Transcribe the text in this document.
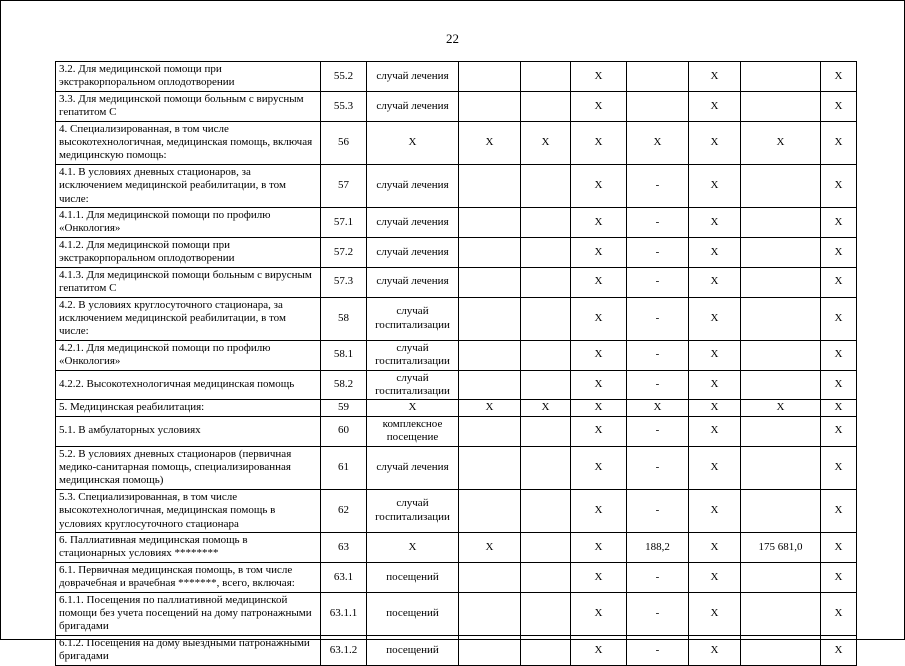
22
3.2. Для медицинской помощи при экстракорпоральном оплодотворении	55.2	случай лечения			X		X		X
3.3. Для медицинской помощи больным с вирусным гепатитом С	55.3	случай лечения			X		X		X
4. Специализированная, в том числе высокотехнологичная, медицинская помощь, включая медицинскую помощь:	56	X	X	X	X	X	X	X	X
4.1. В условиях дневных стационаров, за исключением медицинской реабилитации, в том числе:	57	случай лечения			X	-	X		X
4.1.1. Для медицинской помощи по профилю «Онкология»	57.1	случай лечения			X	-	X		X
4.1.2. Для медицинской помощи при экстракорпоральном оплодотворении	57.2	случай лечения			X	-	X		X
4.1.3. Для медицинской помощи больным с вирусным гепатитом С	57.3	случай лечения			X	-	X		X
4.2. В условиях круглосуточного стационара, за исключением медицинской реабилитации, в том числе:	58	случай госпитализации			X	-	X		X
4.2.1. Для медицинской помощи по профилю «Онкология»	58.1	случай госпитализации			X	-	X		X
4.2.2. Высокотехнологичная медицинская помощь	58.2	случай госпитализации			X	-	X		X
5. Медицинская реабилитация:	59	X	X	X	X	X	X	X	X
5.1. В амбулаторных условиях	60	комплексное посещение			X	-	X		X
5.2. В условиях дневных стационаров (первичная медико-санитарная помощь, специализированная медицинская помощь)	61	случай лечения			X	-	X		X
5.3. Специализированная, в том числе высокотехнологичная, медицинская помощь в условиях круглосуточного стационара	62	случай госпитализации			X	-	X		X
6. Паллиативная медицинская помощь в стационарных условиях ********	63	X	X		X	188,2	X	175 681,0	X
6.1. Первичная медицинская помощь, в том числе доврачебная и врачебная *******, всего, включая:	63.1	посещений			X	-	X		X
6.1.1. Посещения по паллиативной медицинской помощи без учета посещений на дому патронажными бригадами	63.1.1	посещений			X	-	X		X
6.1.2. Посещения на дому выездными патронажными бригадами	63.1.2	посещений			X	-	X		X
